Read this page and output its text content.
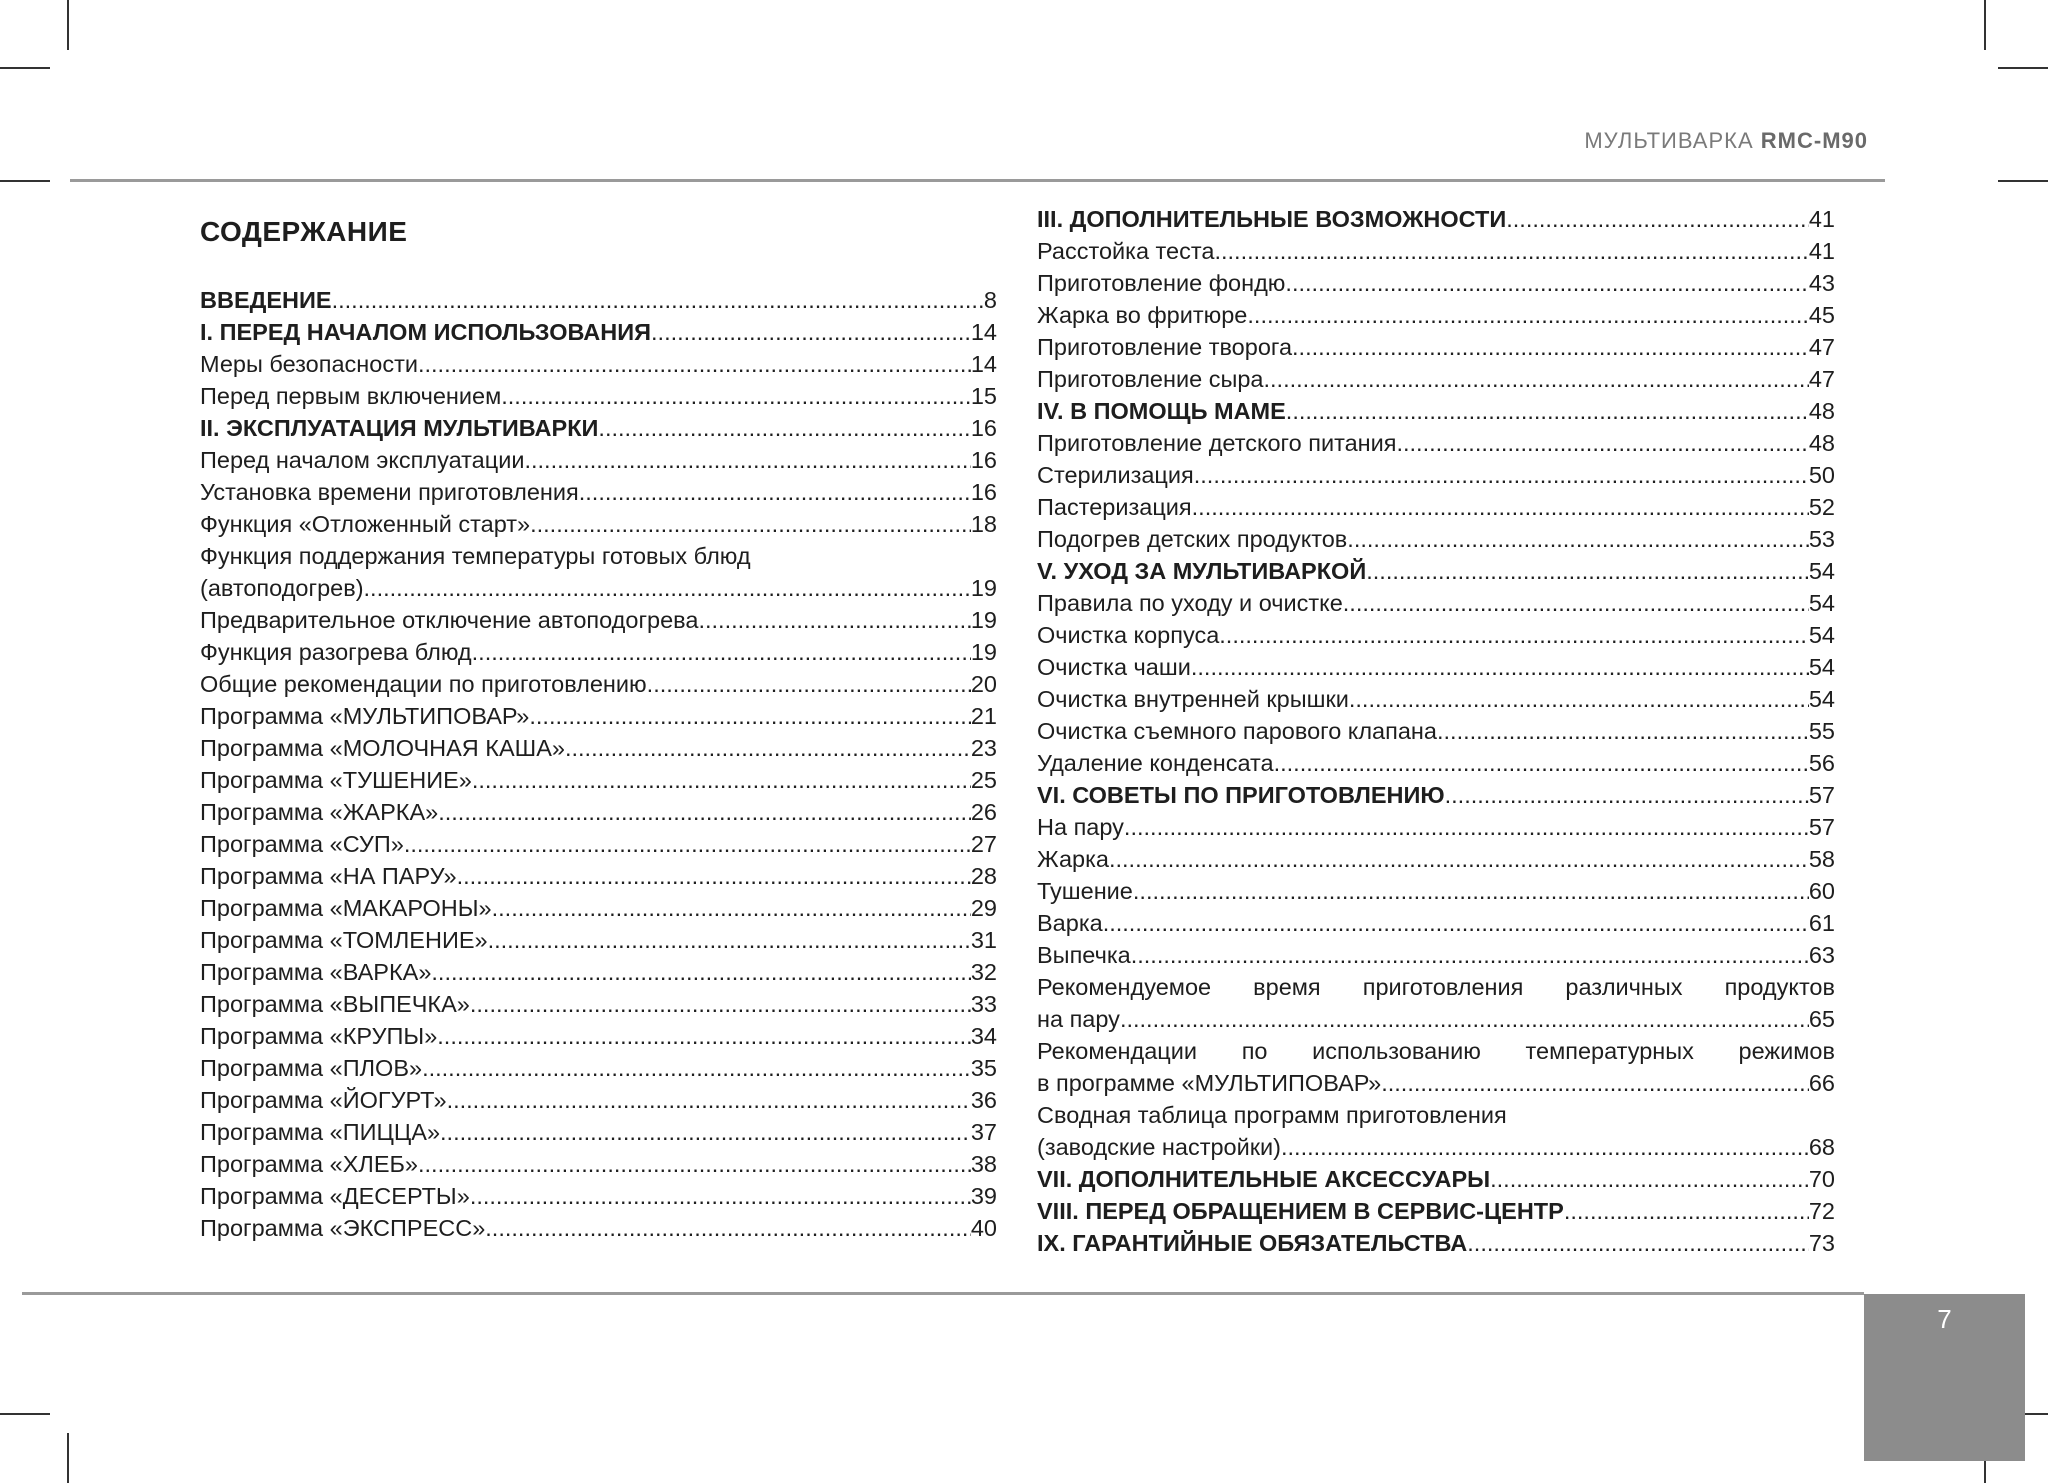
МУЛЬТИВАРКА RMC-M90
СОДЕРЖАНИЕ
ВВЕДЕНИЕ .....	8
I. ПЕРЕД НАЧАЛОМ ИСПОЛЬЗОВАНИЯ .....	14
Меры безопасности .....	14
Перед первым включением .....	15
II. ЭКСПЛУАТАЦИЯ МУЛЬТИВАРКИ .....	16
Перед началом эксплуатации .....	16
Установка времени приготовления .....	16
Функция «Отложенный старт» .....	18
Функция поддержания температуры готовых блюд
(автоподогрев) .....	19
Предварительное отключение автоподогрева .....	19
Функция разогрева блюд .....	19
Общие рекомендации по приготовлению .....	20
Программа «МУЛЬТИПОВАР» .....	21
Программа «МОЛОЧНАЯ КАША» .....	23
Программа «ТУШЕНИЕ» .....	25
Программа «ЖАРКА» .....	26
Программа «СУП» .....	27
Программа «НА ПАРУ» .....	28
Программа «МАКАРОНЫ» .....	29
Программа «ТОМЛЕНИЕ» .....	31
Программа «ВАРКА» .....	32
Программа «ВЫПЕЧКА» .....	33
Программа «КРУПЫ» .....	34
Программа «ПЛОВ» .....	35
Программа «ЙОГУРТ» .....	36
Программа «ПИЦЦА» .....	37
Программа «ХЛЕБ» .....	38
Программа «ДЕСЕРТЫ» .....	39
Программа «ЭКСПРЕСС» .....	40
III. ДОПОЛНИТЕЛЬНЫЕ ВОЗМОЖНОСТИ .....	41
Расстойка теста .....	41
Приготовление фондю .....	43
Жарка во фритюре .....	45
Приготовление творога .....	47
Приготовление сыра .....	47
IV. В ПОМОЩЬ МАМЕ .....	48
Приготовление детского питания .....	48
Стерилизация .....	50
Пастеризация .....	52
Подогрев детских продуктов .....	53
V. УХОД ЗА МУЛЬТИВАРКОЙ .....	54
Правила по уходу и очистке .....	54
Очистка корпуса .....	54
Очистка чаши .....	54
Очистка внутренней крышки .....	54
Очистка съемного парового клапана .....	55
Удаление конденсата .....	56
VI. СОВЕТЫ ПО ПРИГОТОВЛЕНИЮ .....	57
На пару .....	57
Жарка .....	58
Тушение .....	60
Варка .....	61
Выпечка .....	63
Рекомендуемое время приготовления различных продуктов
на пару .....	65
Рекомендации по использованию температурных режимов
в программе «МУЛЬТИПОВАР» .....	66
Сводная таблица программ приготовления
(заводские настройки) .....	68
VII. ДОПОЛНИТЕЛЬНЫЕ АКСЕССУАРЫ .....	70
VIII. ПЕРЕД ОБРАЩЕНИЕМ В СЕРВИС-ЦЕНТР .....	72
IX. ГАРАНТИЙНЫЕ ОБЯЗАТЕЛЬСТВА .....	73
7
